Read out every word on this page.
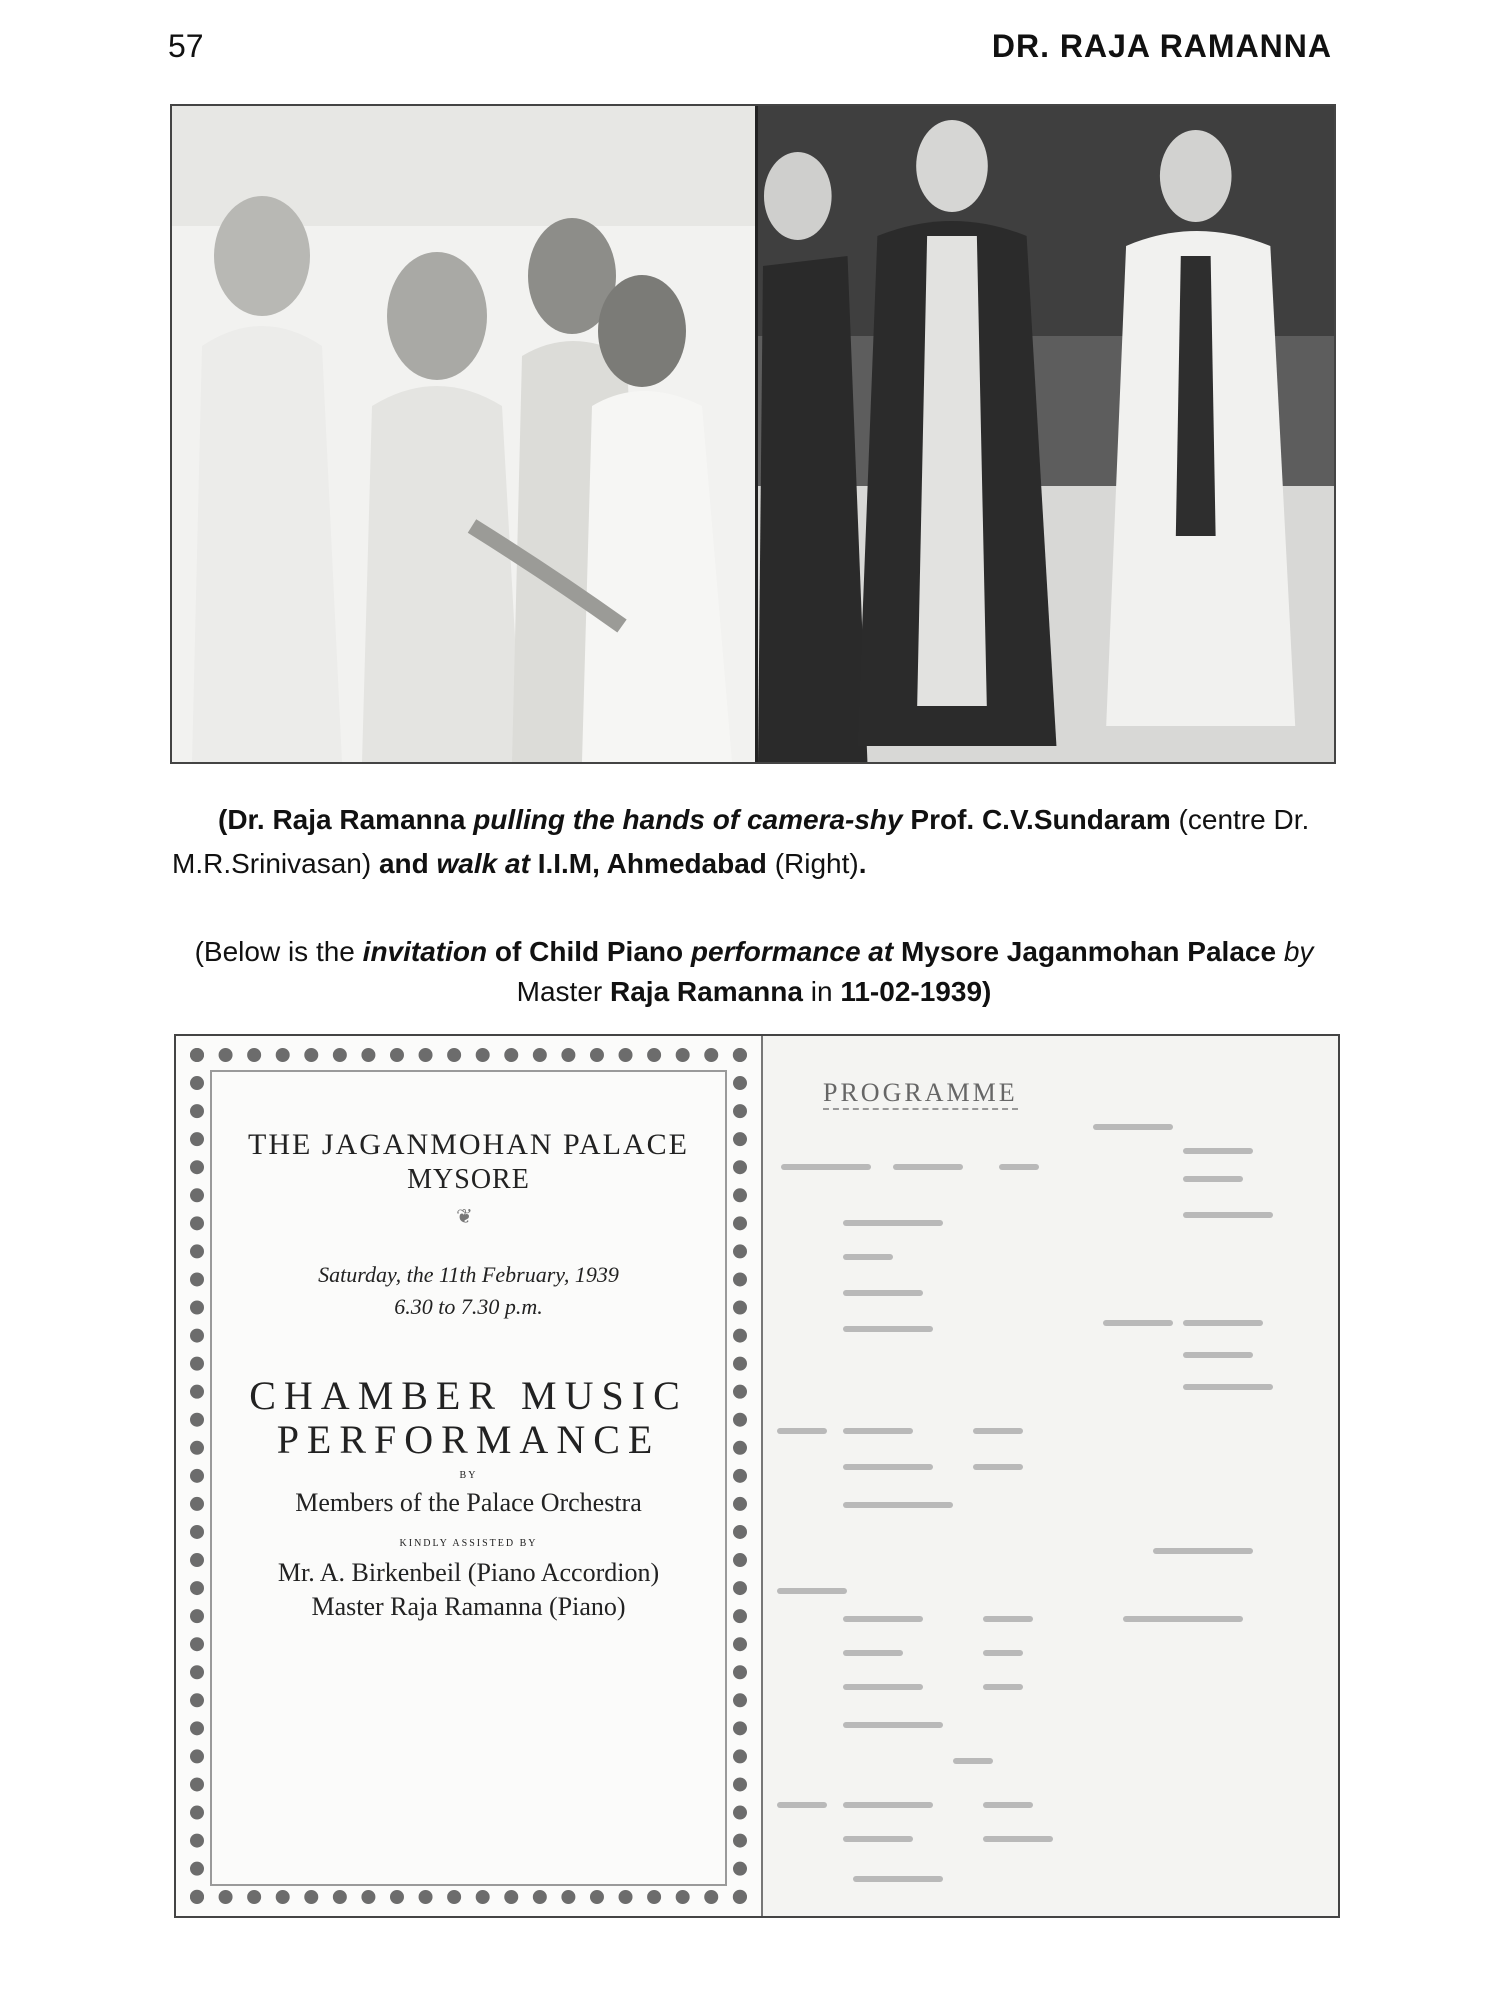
57	DR. RAJA RAMANNA
(Dr. Raja Ramanna pulling the hands of camera-shy Prof. C.V.Sundaram (centre Dr. M.R.Srinivasan) and walk at I.I.M, Ahmedabad (Right).
(Below is the invitation of Child Piano performance at Mysore Jaganmohan Palace by Master Raja Ramanna in 11-02-1939)
THE JAGANMOHAN PALACE
MYSORE
❦
Saturday, the 11th February, 1939
6.30 to 7.30 p.m.
CHAMBER MUSIC
PERFORMANCE
BY
Members of the Palace Orchestra
KINDLY ASSISTED BY
Mr. A. Birkenbeil (Piano Accordion)
Master Raja Ramanna (Piano)
PROGRAMME
